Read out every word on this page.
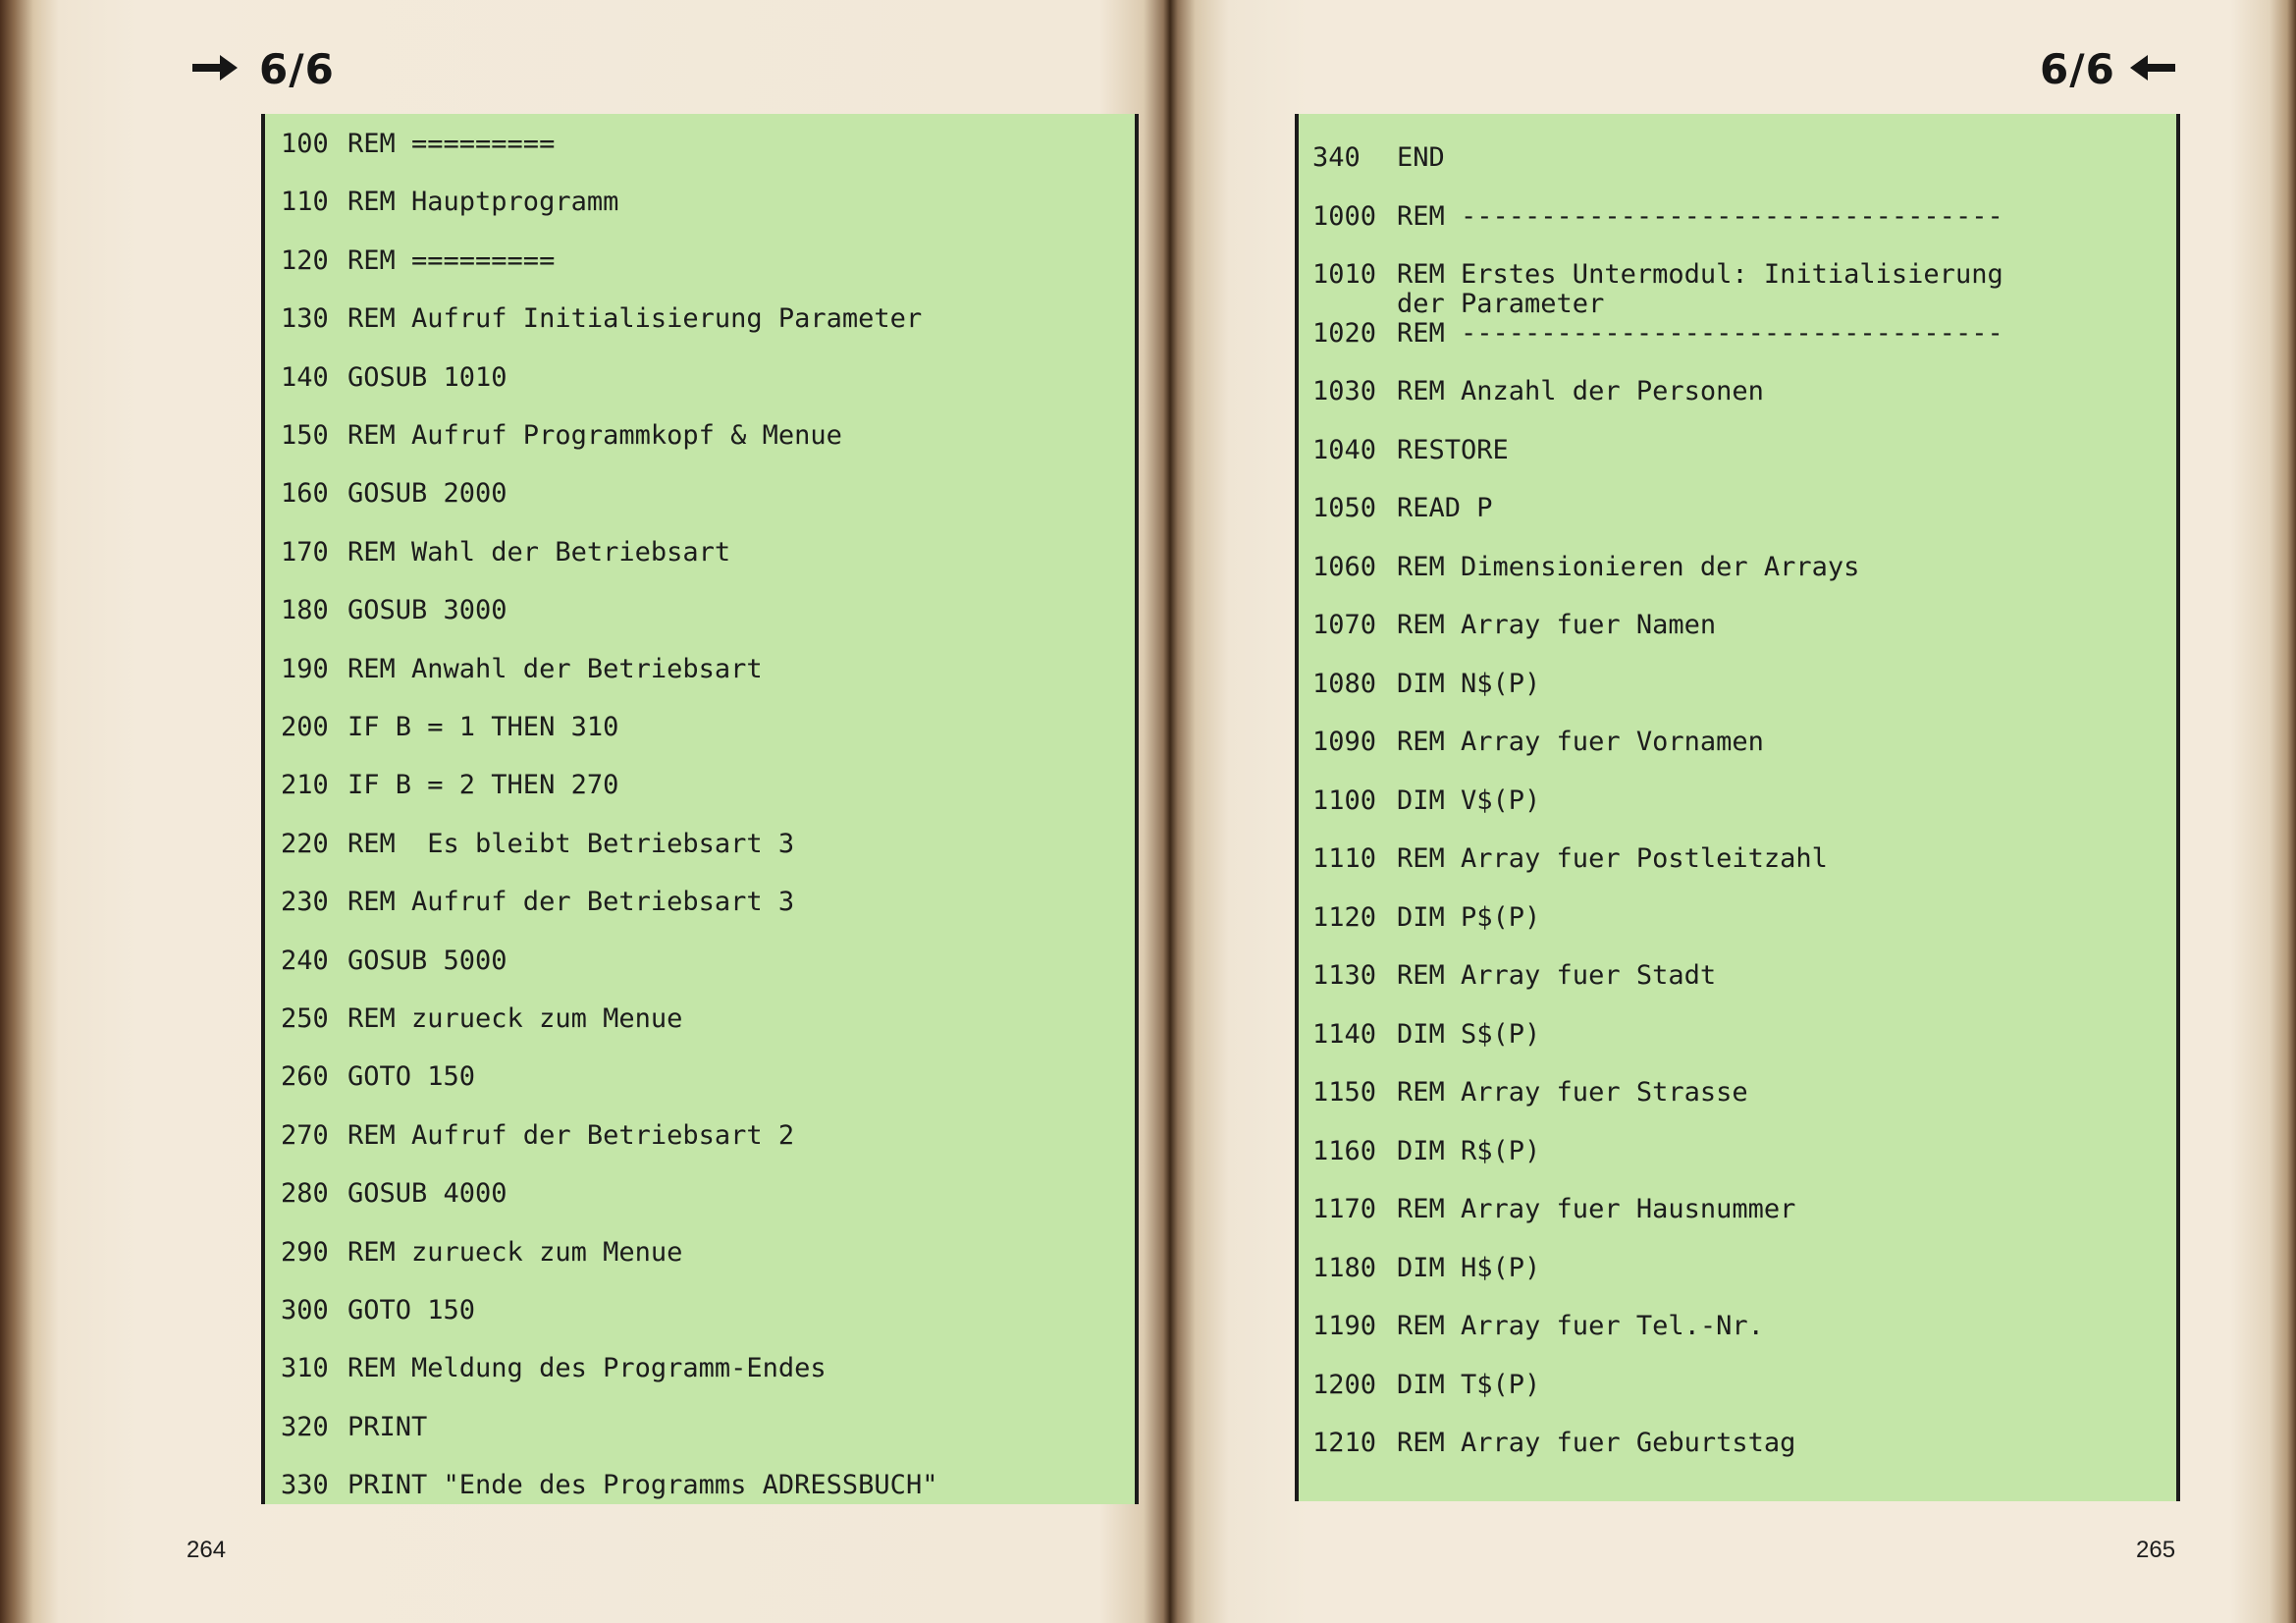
6/6
100 REM =========
110 REM Hauptprogramm
120 REM =========
130 REM Aufruf Initialisierung Parameter
140 GOSUB 1010
150 REM Aufruf Programmkopf & Menue
160 GOSUB 2000
170 REM Wahl der Betriebsart
180 GOSUB 3000
190 REM Anwahl der Betriebsart
200 IF B = 1 THEN 310
210 IF B = 2 THEN 270
220 REM  Es bleibt Betriebsart 3
230 REM Aufruf der Betriebsart 3
240 GOSUB 5000
250 REM zurueck zum Menue
260 GOTO 150
270 REM Aufruf der Betriebsart 2
280 GOSUB 4000
290 REM zurueck zum Menue
300 GOTO 150
310 REM Meldung des Programm-Endes
320 PRINT
330 PRINT "Ende des Programms ADRESSBUCH"
264
6/6
340 END
1000 REM ----------------------------------
1010 REM Erstes Untermodul: Initialisierung
der Parameter
1020 REM ----------------------------------
1030 REM Anzahl der Personen
1040 RESTORE
1050 READ P
1060 REM Dimensionieren der Arrays
1070 REM Array fuer Namen
1080 DIM N$(P)
1090 REM Array fuer Vornamen
1100 DIM V$(P)
1110 REM Array fuer Postleitzahl
1120 DIM P$(P)
1130 REM Array fuer Stadt
1140 DIM S$(P)
1150 REM Array fuer Strasse
1160 DIM R$(P)
1170 REM Array fuer Hausnummer
1180 DIM H$(P)
1190 REM Array fuer Tel.-Nr.
1200 DIM T$(P)
1210 REM Array fuer Geburtstag
265
